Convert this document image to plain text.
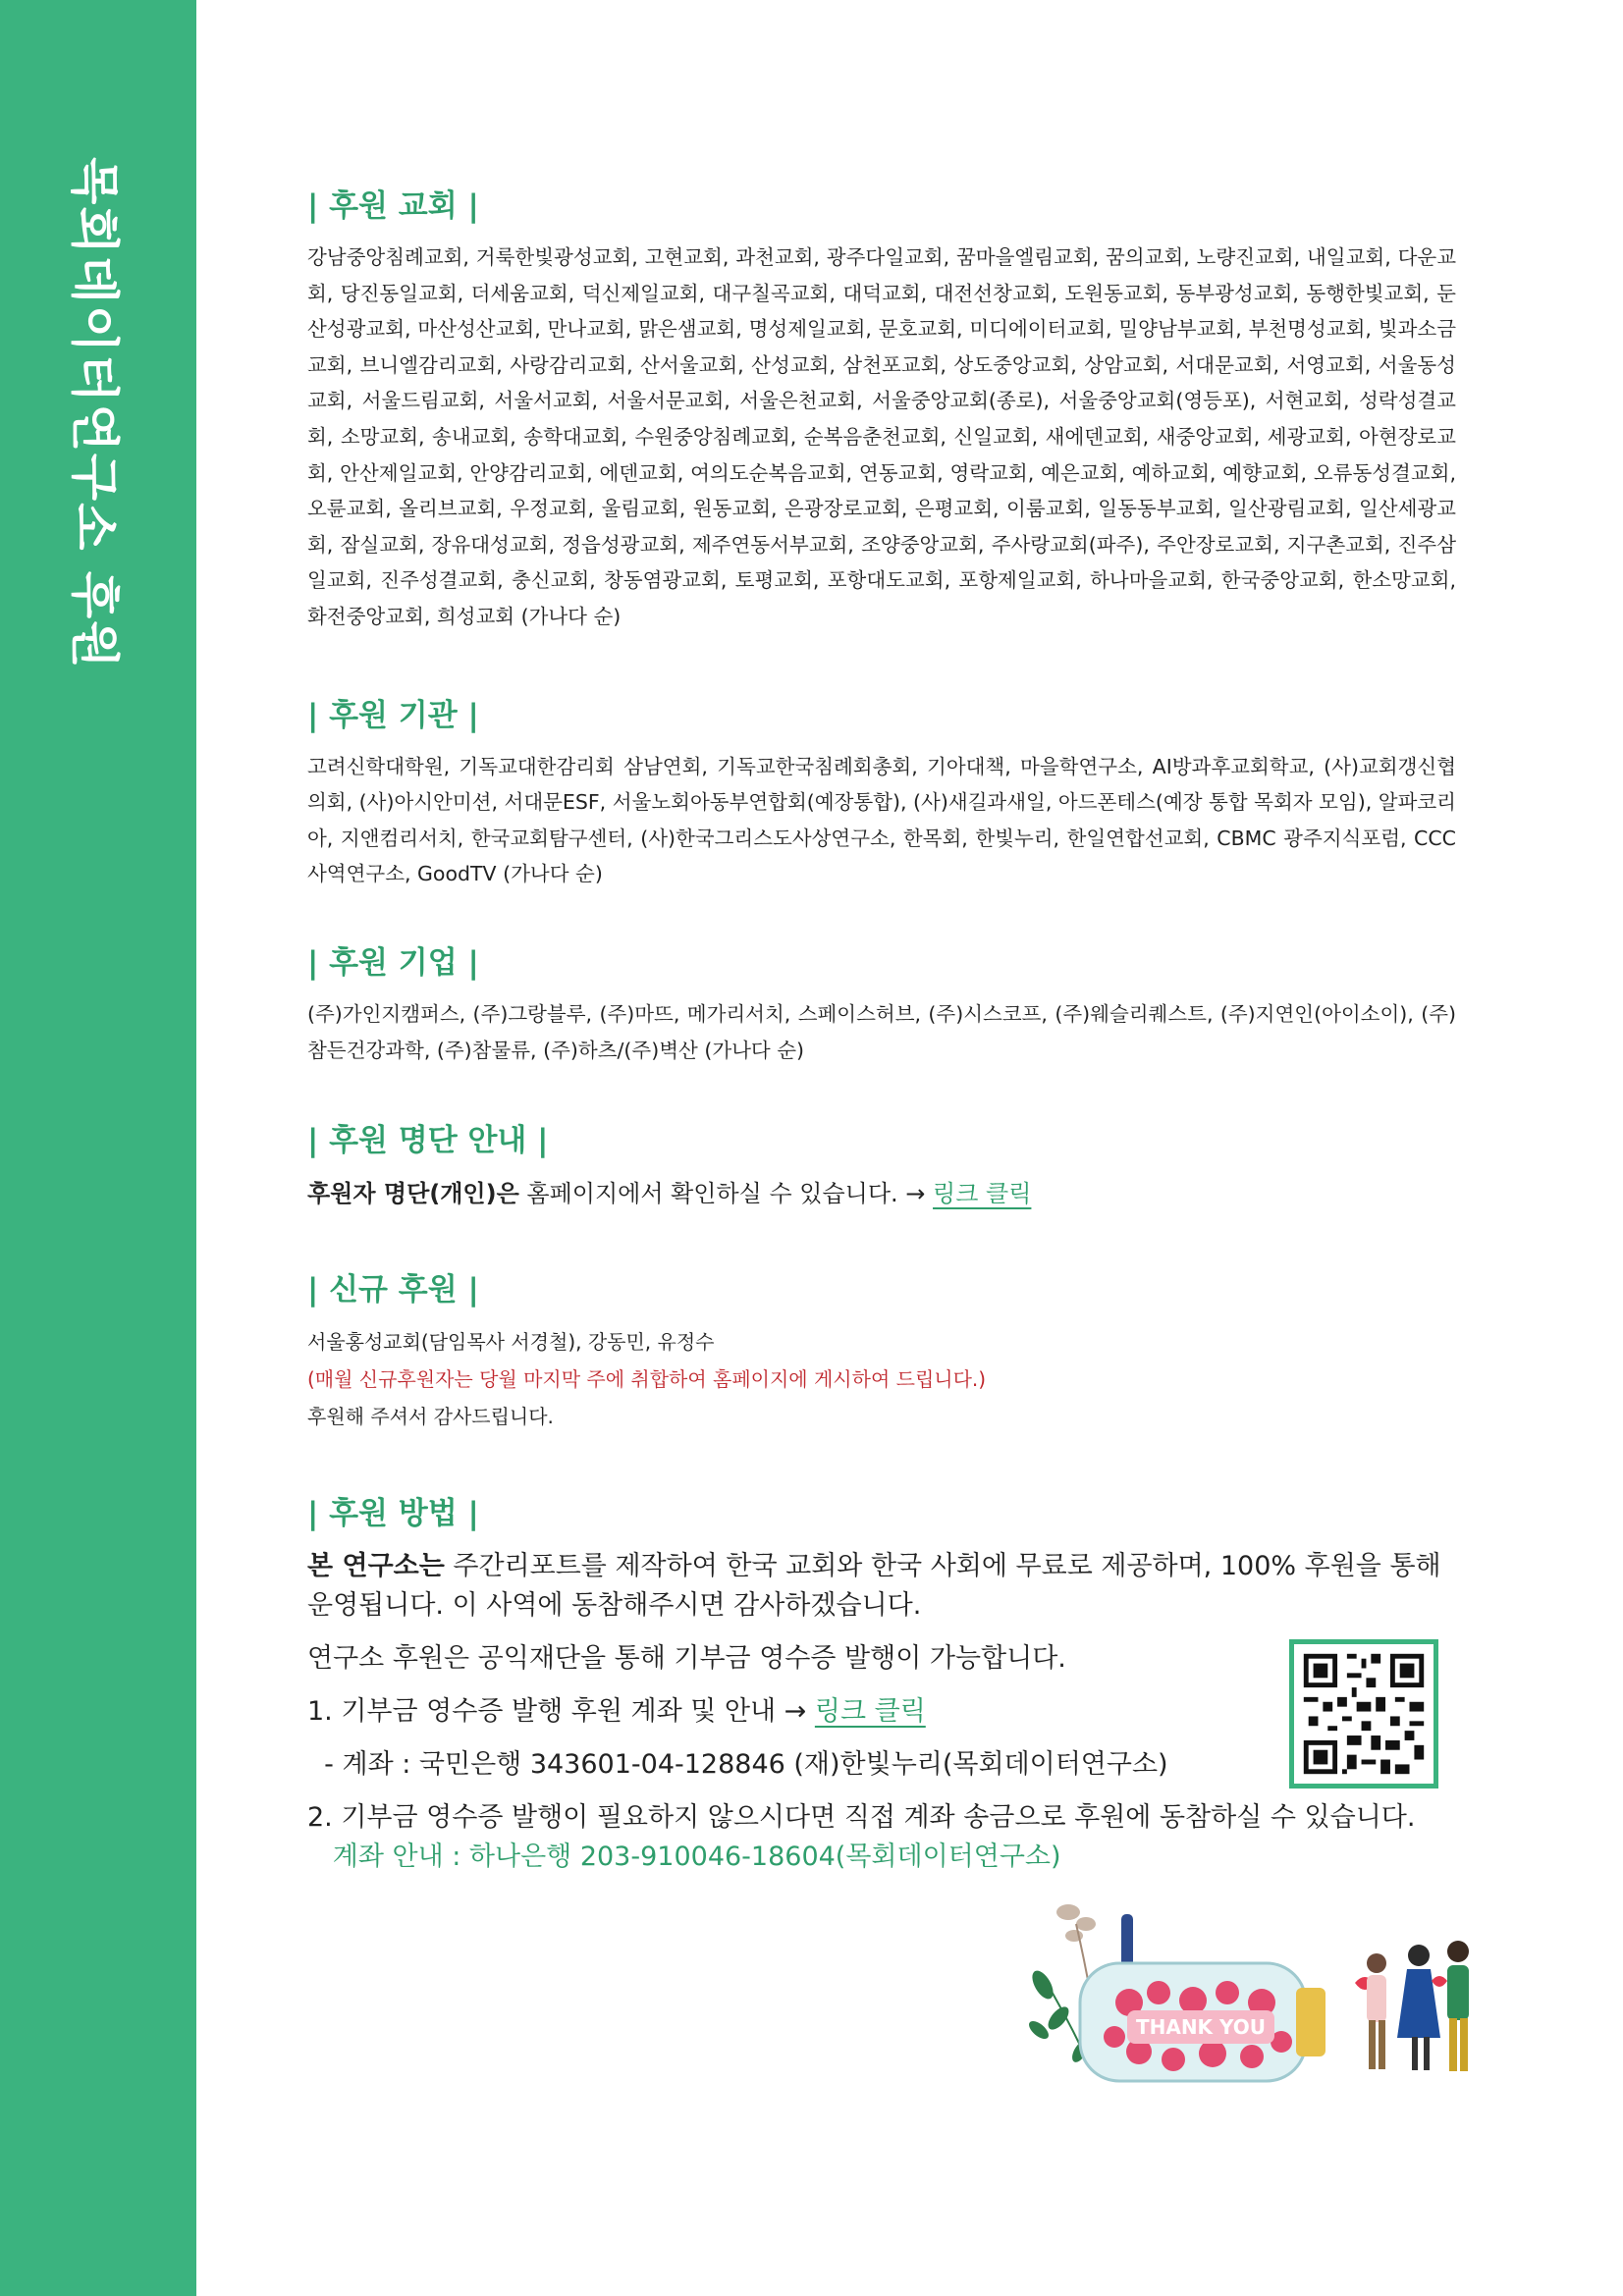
목회데이터연구소 후원	| 후원 교회 |

강남중앙침례교회, 거룩한빛광성교회, 고현교회, 과천교회, 광주다일교회, 꿈마을엘림교회, 꿈의교회, 노량진교회, 내일교회, 다운교회, 당진동일교회, 더세움교회, 덕신제일교회, 대구칠곡교회, 대덕교회, 대전선창교회, 도원동교회, 동부광성교회, 동행한빛교회, 둔산성광교회, 마산성산교회, 만나교회, 맑은샘교회, 명성제일교회, 문호교회, 미디에이터교회, 밀양남부교회, 부천명성교회, 빛과소금교회, 브니엘감리교회, 사랑감리교회, 산서울교회, 산성교회, 삼천포교회, 상도중앙교회, 상암교회, 서대문교회, 서영교회, 서울동성교회, 서울드림교회, 서울서교회, 서울서문교회, 서울은천교회, 서울중앙교회(종로), 서울중앙교회(영등포), 서현교회, 성락성결교회, 소망교회, 송내교회, 송학대교회, 수원중앙침례교회, 순복음춘천교회, 신일교회, 새에덴교회, 새중앙교회, 세광교회, 아현장로교회, 안산제일교회, 안양감리교회, 에덴교회, 여의도순복음교회, 연동교회, 영락교회, 예은교회, 예하교회, 예향교회, 오류동성결교회, 오륜교회, 올리브교회, 우정교회, 울림교회, 원동교회, 은광장로교회, 은평교회, 이룸교회, 일동동부교회, 일산광림교회, 일산세광교회, 잠실교회, 장유대성교회, 정읍성광교회, 제주연동서부교회, 조양중앙교회, 주사랑교회(파주), 주안장로교회, 지구촌교회, 진주삼일교회, 진주성결교회, 충신교회, 창동염광교회, 토평교회, 포항대도교회, 포항제일교회, 하나마을교회, 한국중앙교회, 한소망교회, 화전중앙교회, 희성교회 (가나다 순)

| 후원 기관 |

고려신학대학원, 기독교대한감리회 삼남연회, 기독교한국침례회총회, 기아대책, 마을학연구소, AI방과후교회학교, (사)교회갱신협의회, (사)아시안미션, 서대문ESF, 서울노회아동부연합회(예장통합), (사)새길과새일, 아드폰테스(예장 통합 목회자 모임), 알파코리아, 지앤컴리서치, 한국교회탐구센터, (사)한국그리스도사상연구소, 한목회, 한빛누리, 한일연합선교회, CBMC 광주지식포럼, CCC사역연구소, GoodTV (가나다 순)

| 후원 기업 |

(주)가인지캠퍼스, (주)그랑블루, (주)마뜨, 메가리서치, 스페이스허브, (주)시스코프, (주)웨슬리퀘스트, (주)지연인(아이소이), (주)참든건강과학, (주)참물류, (주)하츠/(주)벽산 (가나다 순)

| 후원 명단 안내 |

후원자 명단(개인)은 홈페이지에서 확인하실 수 있습니다. → 링크 클릭

| 신규 후원 |

서울홍성교회(담임목사 서경철), 강동민, 유정수

(매월 신규후원자는 당월 마지막 주에 취합하여 홈페이지에 게시하여 드립니다.)

후원해 주셔서 감사드립니다.

| 후원 방법 |

본 연구소는 주간리포트를 제작하여 한국 교회와 한국 사회에 무료로 제공하며, 100% 후원을 통해 운영됩니다. 이 사역에 동참해주시면 감사하겠습니다.

연구소 후원은 공익재단을 통해 기부금 영수증 발행이 가능합니다.

1. 기부금 영수증 발행 후원 계좌 및 안내 → 링크 클릭

- 계좌 : 국민은행 343601-04-128846 (재)한빛누리(목회데이터연구소)

2. 기부금 영수증 발행이 필요하지 않으시다면 직접 계좌 송금으로 후원에 동참하실 수 있습니다.

계좌 안내 : 하나은행 203-910046-18604(목회데이터연구소)

THANK YOU
